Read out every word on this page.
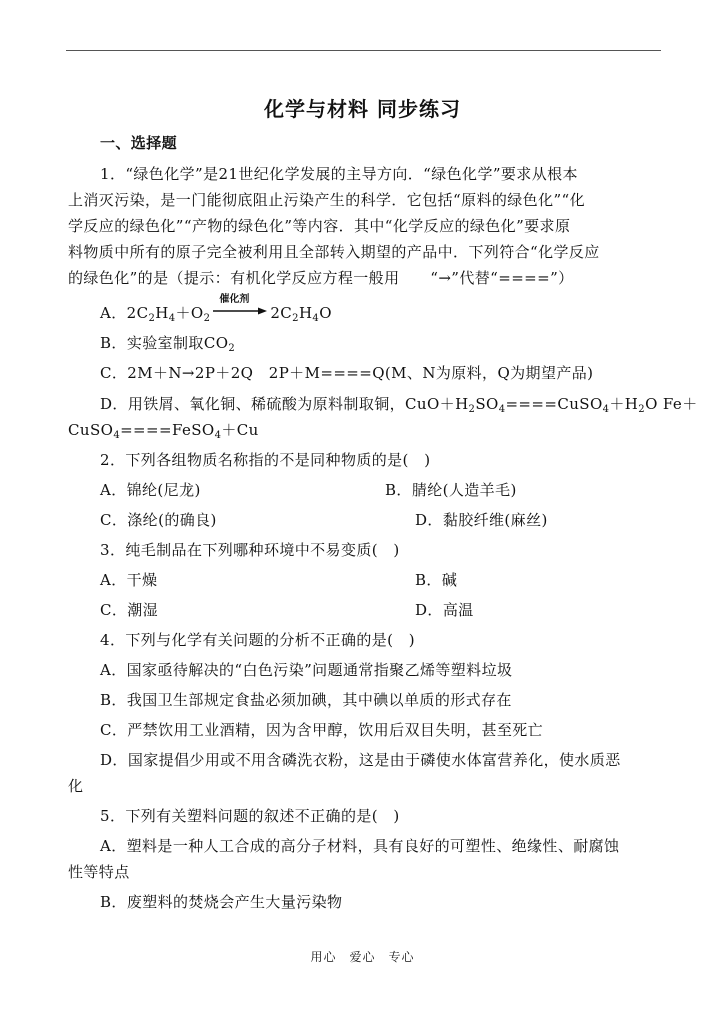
化学与材料 同步练习
一、选择题
1．“绿色化学”是21世纪化学发展的主导方向．“绿色化学”要求从根本
上消灭污染，是一门能彻底阻止污染产生的科学．它包括“原料的绿色化”“化
学反应的绿色化”“产物的绿色化”等内容．其中“化学反应的绿色化”要求原
料物质中所有的原子完全被利用且全部转入期望的产品中．下列符合“化学反应
的绿色化”的是（提示：有机化学反应方程一般用　　“→”代替“====”）
A．$2C_2H_4+O_2$
催化剂
$2C_2H_4O$
B．实验室制取$CO_2$
C．2M＋N→2P＋2Q　2P＋M====Q(M、N为原料，Q为期望产品)
D．用铁屑、氧化铜、稀硫酸为原料制取铜，$CuO+H_2SO_4====CuSO_4+H_2O$ Fe＋
CuSO$_4$====FeSO$_4$＋Cu
2．下列各组物质名称指的不是同种物质的是(　)
A．锦纶(尼龙)	B．腈纶(人造羊毛)
C．涤纶(的确良)	D．黏胶纤维(麻丝)
3．纯毛制品在下列哪种环境中不易变质(　)
A．干燥	B．碱
C．潮湿	D．高温
4．下列与化学有关问题的分析不正确的是(　)
A．国家亟待解决的“白色污染”问题通常指聚乙烯等塑料垃圾
B．我国卫生部规定食盐必须加碘，其中碘以单质的形式存在
C．严禁饮用工业酒精，因为含甲醇，饮用后双目失明，甚至死亡
D．国家提倡少用或不用含磷洗衣粉，这是由于磷使水体富营养化，使水质恶
化
5．下列有关塑料问题的叙述不正确的是(　)
A．塑料是一种人工合成的高分子材料，具有良好的可塑性、绝缘性、耐腐蚀
性等特点
B．废塑料的焚烧会产生大量污染物
用心　爱心　专心
